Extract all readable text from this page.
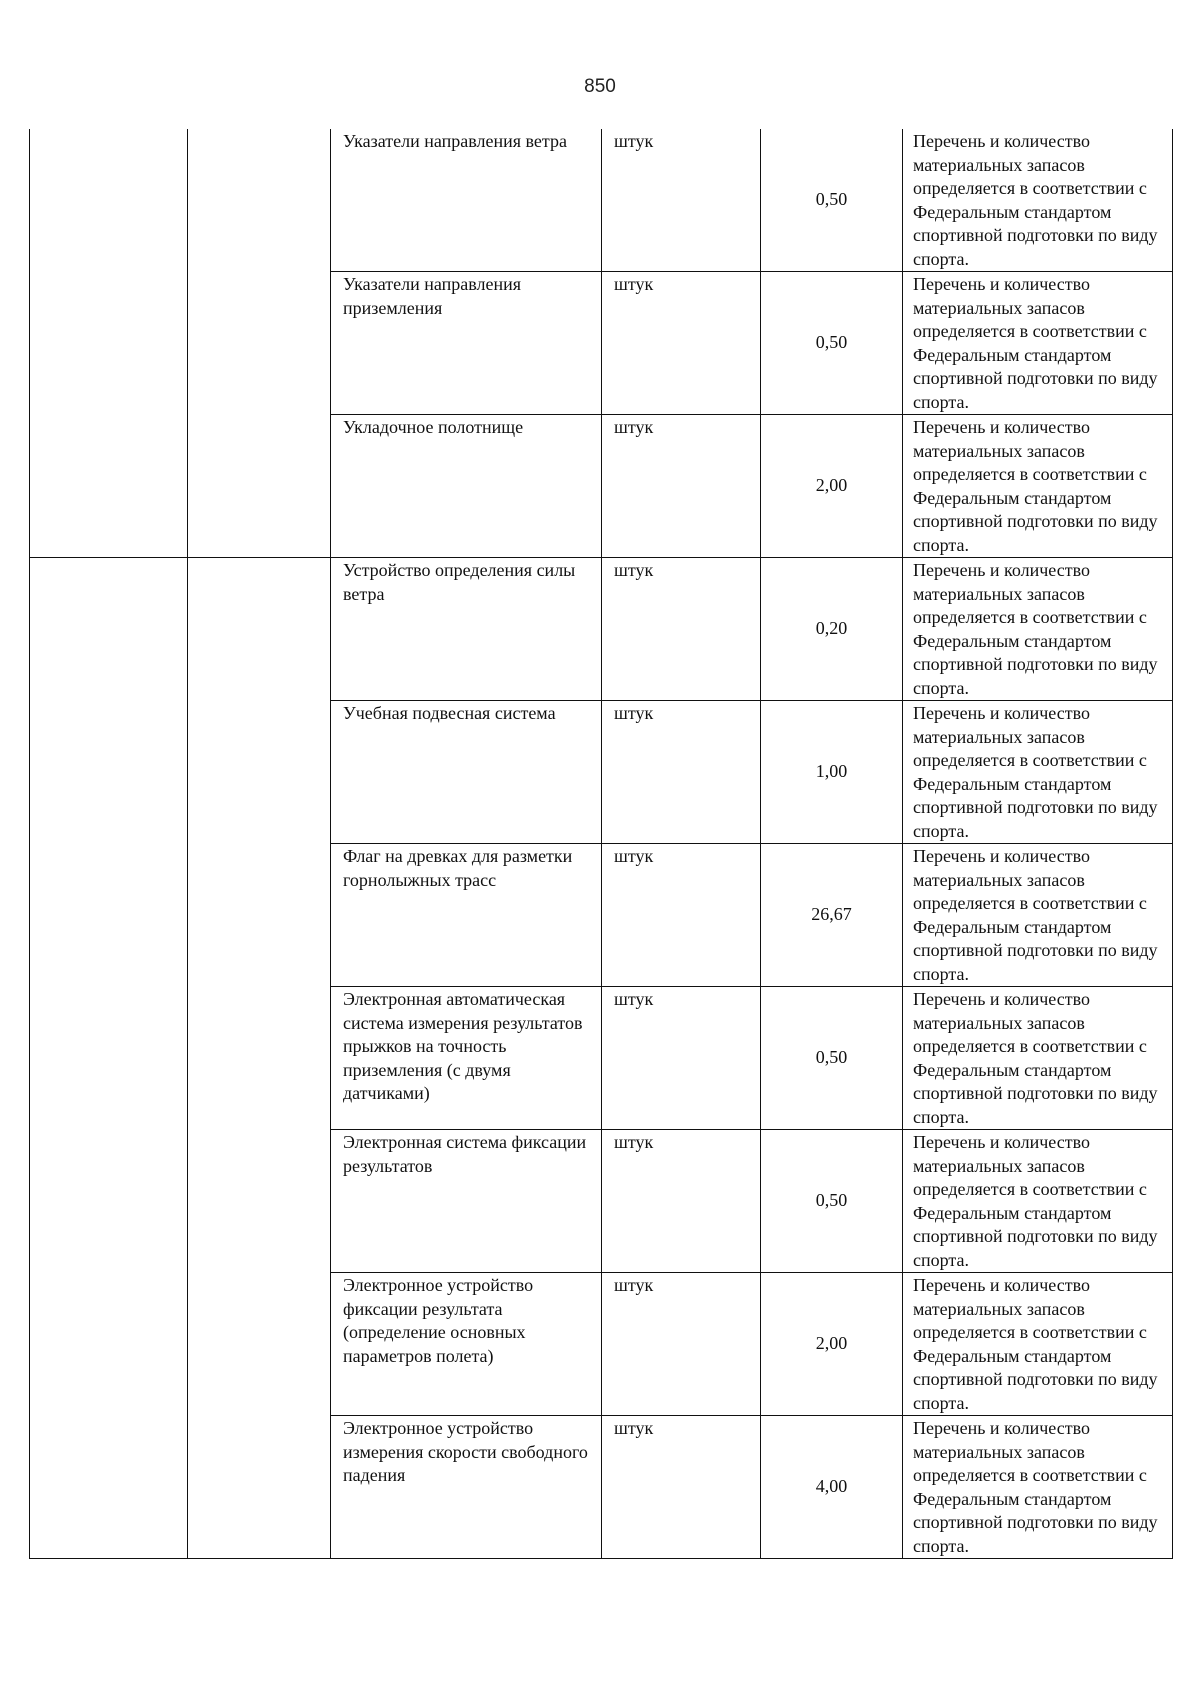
850
		Указатели направления ветра	штук	0,50	Перечень и количество материальных запасов определяется в соответствии с Федеральным стандартом спортивной подготовки по виду спорта.
		Указатели направления приземления	штук	0,50	Перечень и количество материальных запасов определяется в соответствии с Федеральным стандартом спортивной подготовки по виду спорта.
		Укладочное полотнище	штук	2,00	Перечень и количество материальных запасов определяется в соответствии с Федеральным стандартом спортивной подготовки по виду спорта.
		Устройство определения силы ветра	штук	0,20	Перечень и количество материальных запасов определяется в соответствии с Федеральным стандартом спортивной подготовки по виду спорта.
		Учебная подвесная система	штук	1,00	Перечень и количество материальных запасов определяется в соответствии с Федеральным стандартом спортивной подготовки по виду спорта.
		Флаг на древках для разметки горнолыжных трасс	штук	26,67	Перечень и количество материальных запасов определяется в соответствии с Федеральным стандартом спортивной подготовки по виду спорта.
		Электронная автоматическая система измерения результатов прыжков на точность приземления (с двумя датчиками)	штук	0,50	Перечень и количество материальных запасов определяется в соответствии с Федеральным стандартом спортивной подготовки по виду спорта.
		Электронная система фиксации результатов	штук	0,50	Перечень и количество материальных запасов определяется в соответствии с Федеральным стандартом спортивной подготовки по виду спорта.
		Электронное устройство фиксации результата (определение основных параметров полета)	штук	2,00	Перечень и количество материальных запасов определяется в соответствии с Федеральным стандартом спортивной подготовки по виду спорта.
		Электронное устройство измерения скорости свободного падения	штук	4,00	Перечень и количество материальных запасов определяется в соответствии с Федеральным стандартом спортивной подготовки по виду спорта.
